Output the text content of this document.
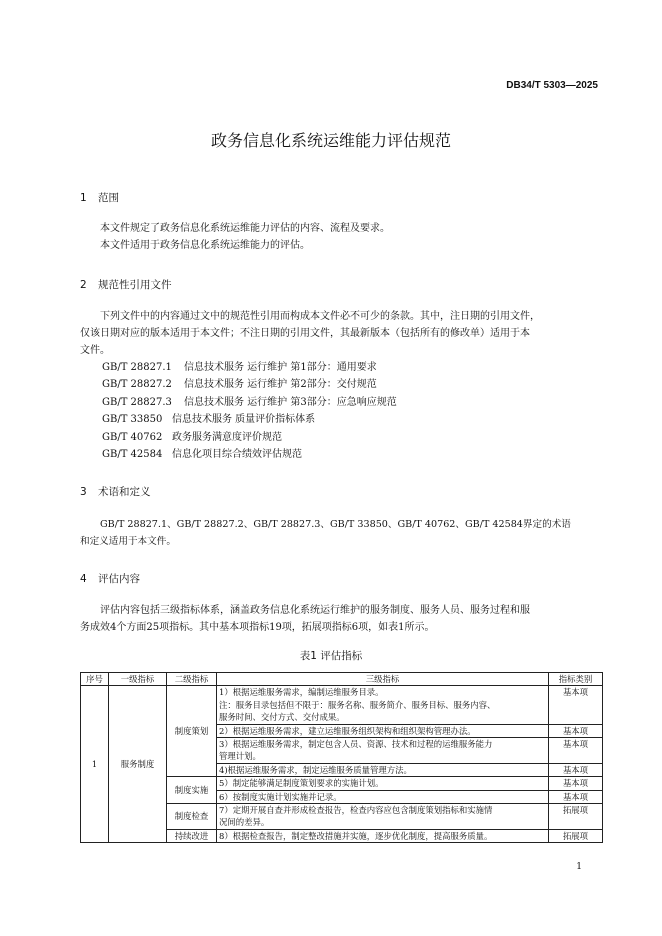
DB34/T 5303—2025
政务信息化系统运维能力评估规范
1 范围
本文件规定了政务信息化系统运维能力评估的内容、流程及要求。
本文件适用于政务信息化系统运维能力的评估。
2 规范性引用文件
下列文件中的内容通过文中的规范性引用而构成本文件必不可少的条款。其中，注日期的引用文件，
仅该日期对应的版本适用于本文件；不注日期的引用文件，其最新版本（包括所有的修改单）适用于本
文件。
GB/T 28827.1 信息技术服务 运行维护 第1部分：通用要求
GB/T 28827.2 信息技术服务 运行维护 第2部分：交付规范
GB/T 28827.3 信息技术服务 运行维护 第3部分：应急响应规范
GB/T 33850 信息技术服务 质量评价指标体系
GB/T 40762 政务服务满意度评价规范
GB/T 42584 信息化项目综合绩效评估规范
3 术语和定义
GB/T 28827.1、GB/T 28827.2、GB/T 28827.3、GB/T 33850、GB/T 40762、GB/T 42584界定的术语
和定义适用于本文件。
4 评估内容
评估内容包括三级指标体系，涵盖政务信息化系统运行维护的服务制度、服务人员、服务过程和服
务成效4个方面25项指标。其中基本项指标19项，拓展项指标6项，如表1所示。
表1 评估指标
序号	一级指标	二级指标	三级指标	指标类别
1	服务制度	制度策划	1）根据运维服务需求，编制运维服务目录。
注：服务目录包括但不限于：服务名称、服务简介、服务目标、服务内容、
服务时间、交付方式、交付成果。	基本项
			2）根据运维服务需求，建立运维服务组织架构和组织架构管理办法。	基本项

			3）根据运维服务需求，制定包含人员、资源、技术和过程的运维服务能力
管理计划。	基本项
			4)根据运维服务需求，制定运维服务质量管理方法。	基本项
		制度实施	5）制定能够满足制度策划要求的实施计划。	基本项
			6）按制度实施计划实施并记录。	基本项
		制度检查	7）定期开展自查并形成检查报告，检查内容应包含制度策划指标和实施情
况间的差异。	拓展项
		持续改进	8）根据检查报告，制定整改措施并实施，逐步优化制度，提高服务质量。	拓展项
1
